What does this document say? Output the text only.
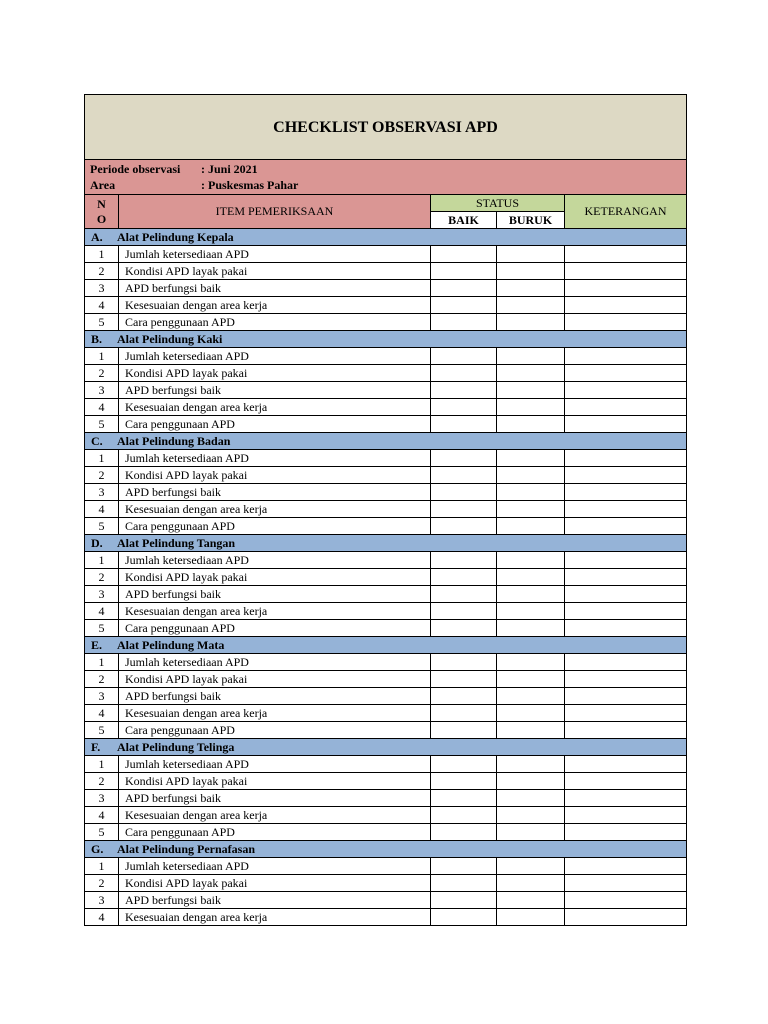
CHECKLIST OBSERVASI APD				

Periode observasi : Juni 2021
Area : Puskesmas Pahar				

N
O	ITEM PEMERIKSAAN	STATUS		KETERANGAN
		BAIK	BURUK	
A. Alat Pelindung Kepala				
1	Jumlah ketersediaan APD			
2	Kondisi APD layak pakai			
3	APD berfungsi baik			
4	Kesesuaian dengan area kerja			
5	Cara penggunaan APD			
B. Alat Pelindung Kaki				
1	Jumlah ketersediaan APD			
2	Kondisi APD layak pakai			
3	APD berfungsi baik			
4	Kesesuaian dengan area kerja			
5	Cara penggunaan APD			
C. Alat Pelindung Badan				
1	Jumlah ketersediaan APD			
2	Kondisi APD layak pakai			
3	APD berfungsi baik			
4	Kesesuaian dengan area kerja			
5	Cara penggunaan APD			
D. Alat Pelindung Tangan				
1	Jumlah ketersediaan APD			
2	Kondisi APD layak pakai			
3	APD berfungsi baik			
4	Kesesuaian dengan area kerja			
5	Cara penggunaan APD			
E. Alat Pelindung Mata				
1	Jumlah ketersediaan APD			
2	Kondisi APD layak pakai			
3	APD berfungsi baik			
4	Kesesuaian dengan area kerja			
5	Cara penggunaan APD			
F. Alat Pelindung Telinga				
1	Jumlah ketersediaan APD			
2	Kondisi APD layak pakai			
3	APD berfungsi baik			
4	Kesesuaian dengan area kerja			
5	Cara penggunaan APD			
G. Alat Pelindung Pernafasan				
1	Jumlah ketersediaan APD			
2	Kondisi APD layak pakai			
3	APD berfungsi baik			
4	Kesesuaian dengan area kerja			
